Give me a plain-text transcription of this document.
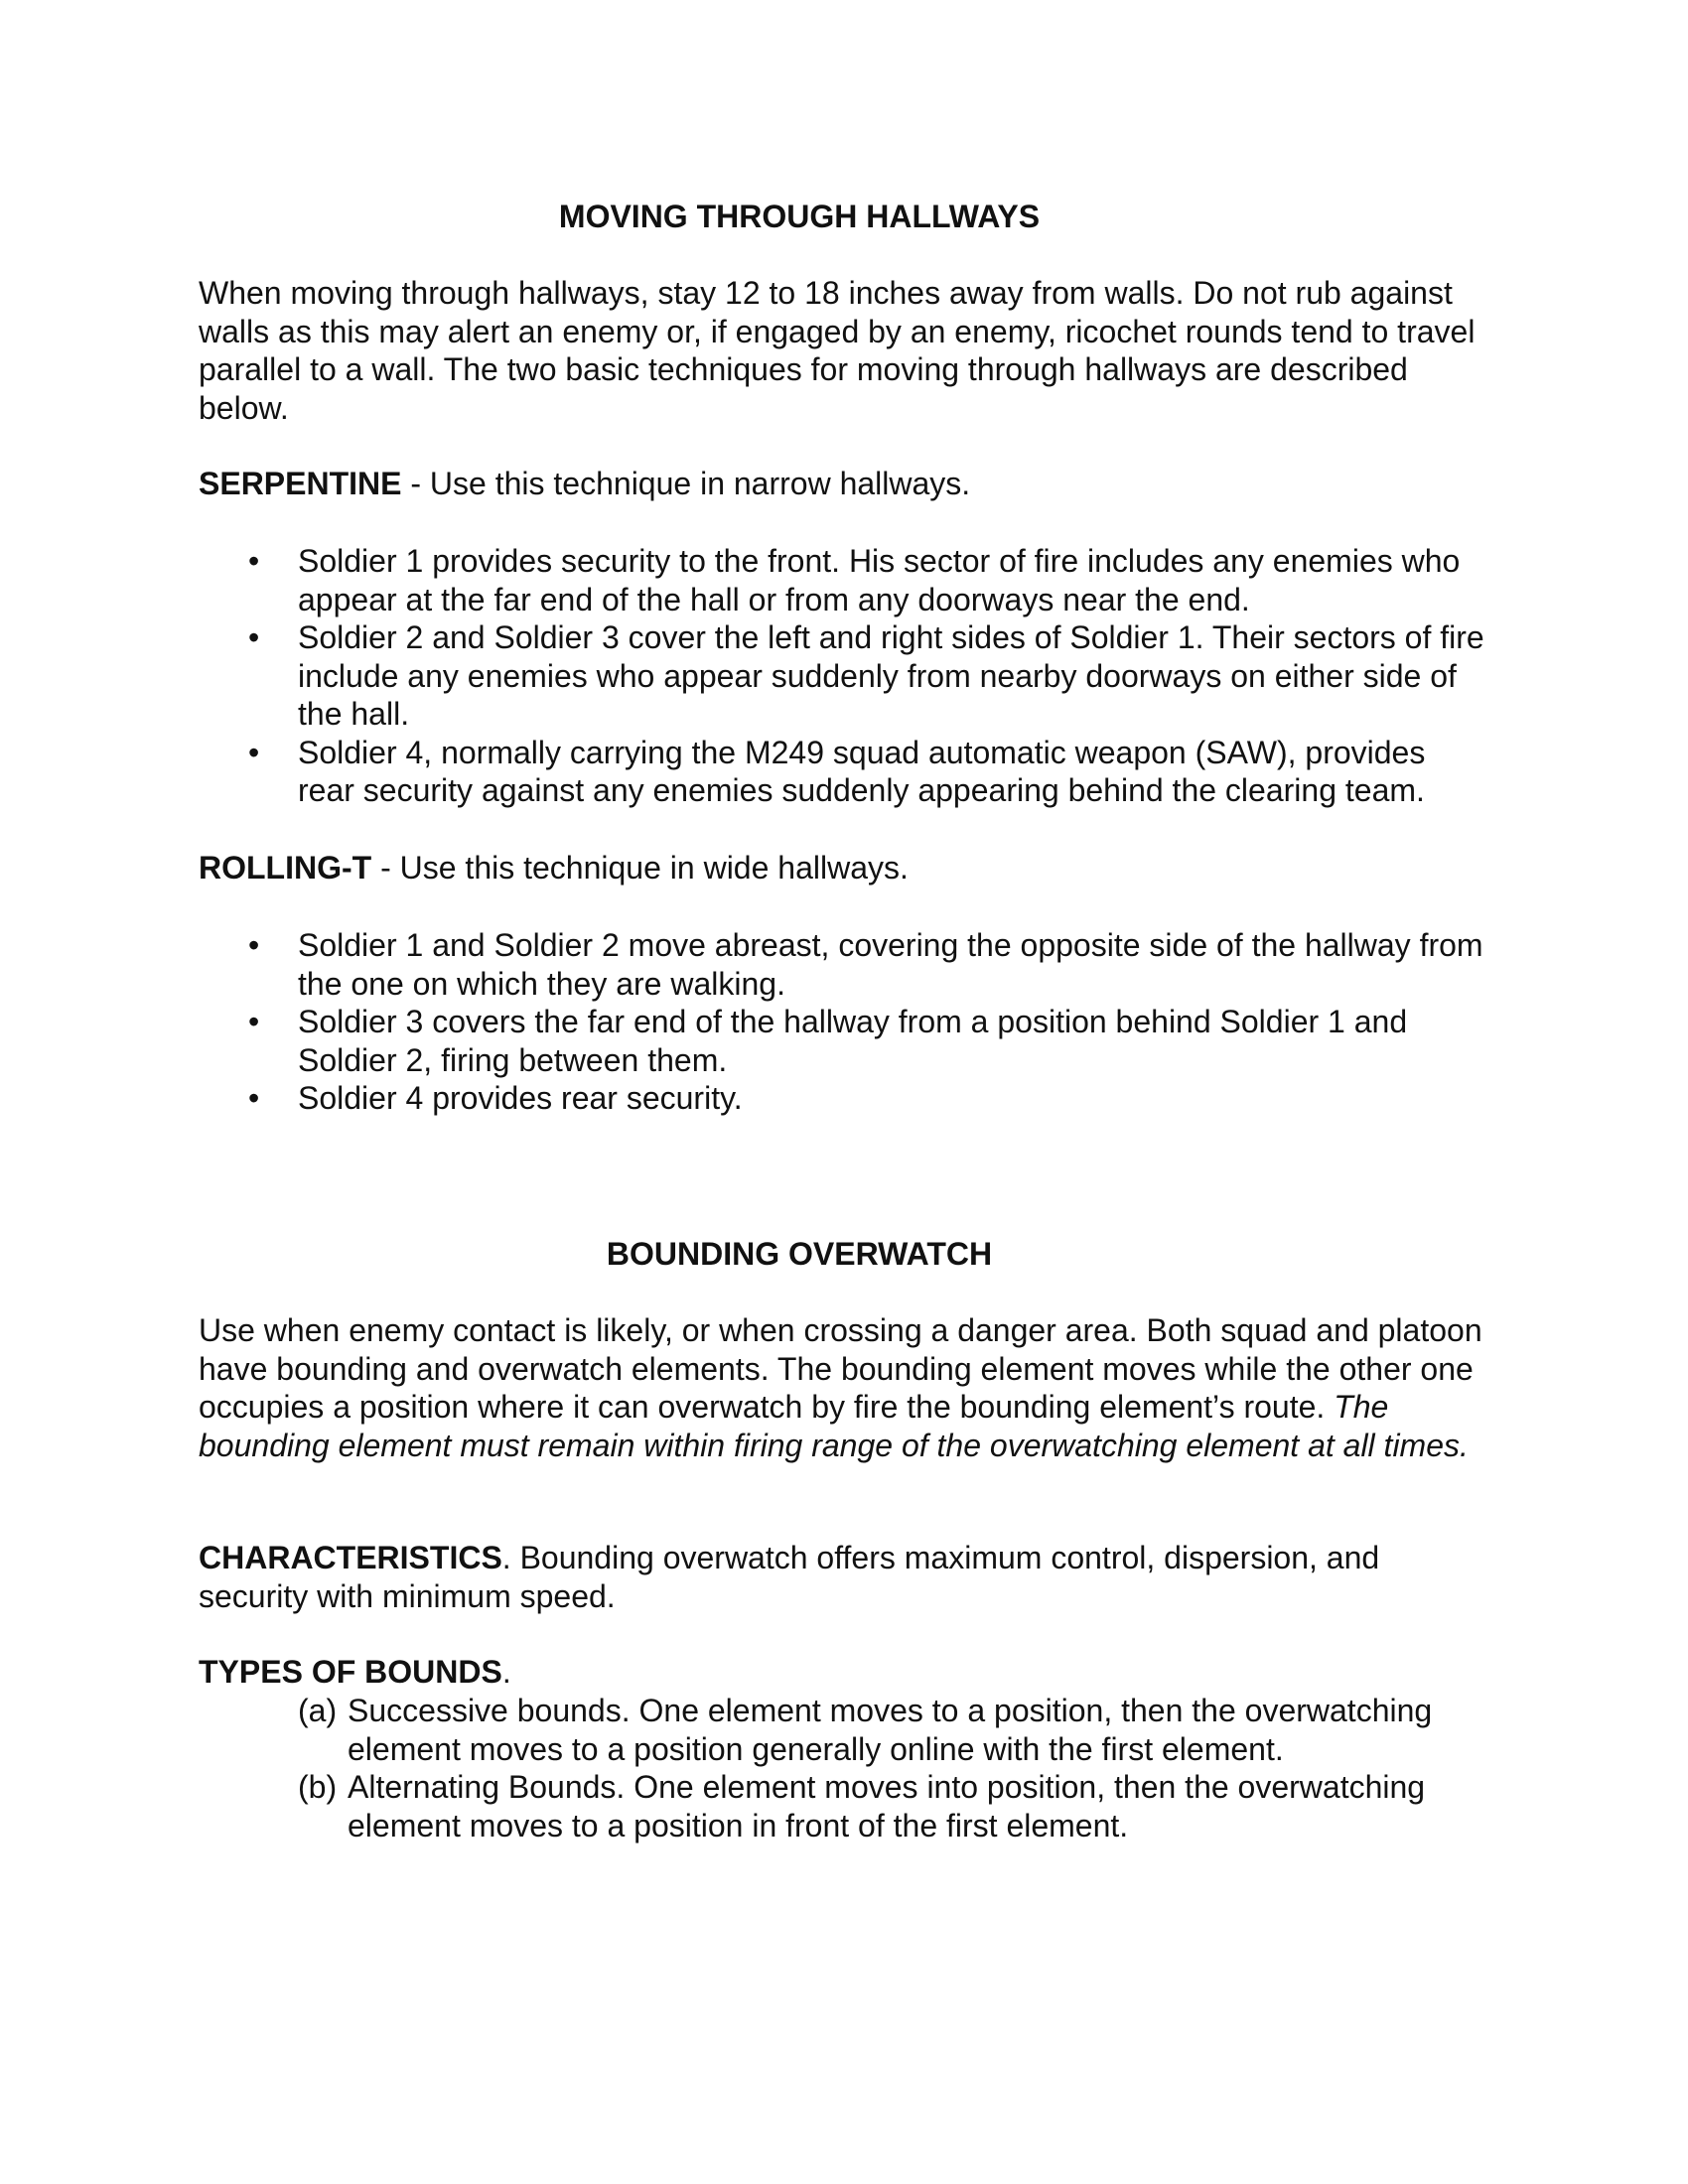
MOVING THROUGH HALLWAYS

When moving through hallways, stay 12 to 18 inches away from walls. Do not rub against walls as this may alert an enemy or, if engaged by an enemy, ricochet rounds tend to travel parallel to a wall. The two basic techniques for moving through hallways are described below.

SERPENTINE - Use this technique in narrow hallways.

•	Soldier 1 provides security to the front. His sector of fire includes any enemies who appear at the far end of the hall or from any doorways near the end.
•	Soldier 2 and Soldier 3 cover the left and right sides of Soldier 1. Their sectors of fire include any enemies who appear suddenly from nearby doorways on either side of the hall.
•	Soldier 4, normally carrying the M249 squad automatic weapon (SAW), provides rear security against any enemies suddenly appearing behind the clearing team.

ROLLING-T - Use this technique in wide hallways.

•	Soldier 1 and Soldier 2 move abreast, covering the opposite side of the hallway from the one on which they are walking.
•	Soldier 3 covers the far end of the hallway from a position behind Soldier 1 and Soldier 2, firing between them.
•	Soldier 4 provides rear security.
BOUNDING OVERWATCH

Use when enemy contact is likely, or when crossing a danger area. Both squad and platoon have bounding and overwatch elements. The bounding element moves while the other one occupies a position where it can overwatch by fire the bounding element’s route. The bounding element must remain within firing range of the overwatching element at all times.

CHARACTERISTICS. Bounding overwatch offers maximum control, dispersion, and security with minimum speed.

TYPES OF BOUNDS.

(a) Successive bounds. One element moves to a position, then the overwatching element moves to a position generally online with the first element.
(b) Alternating Bounds. One element moves into position, then the overwatching element moves to a position in front of the first element.
